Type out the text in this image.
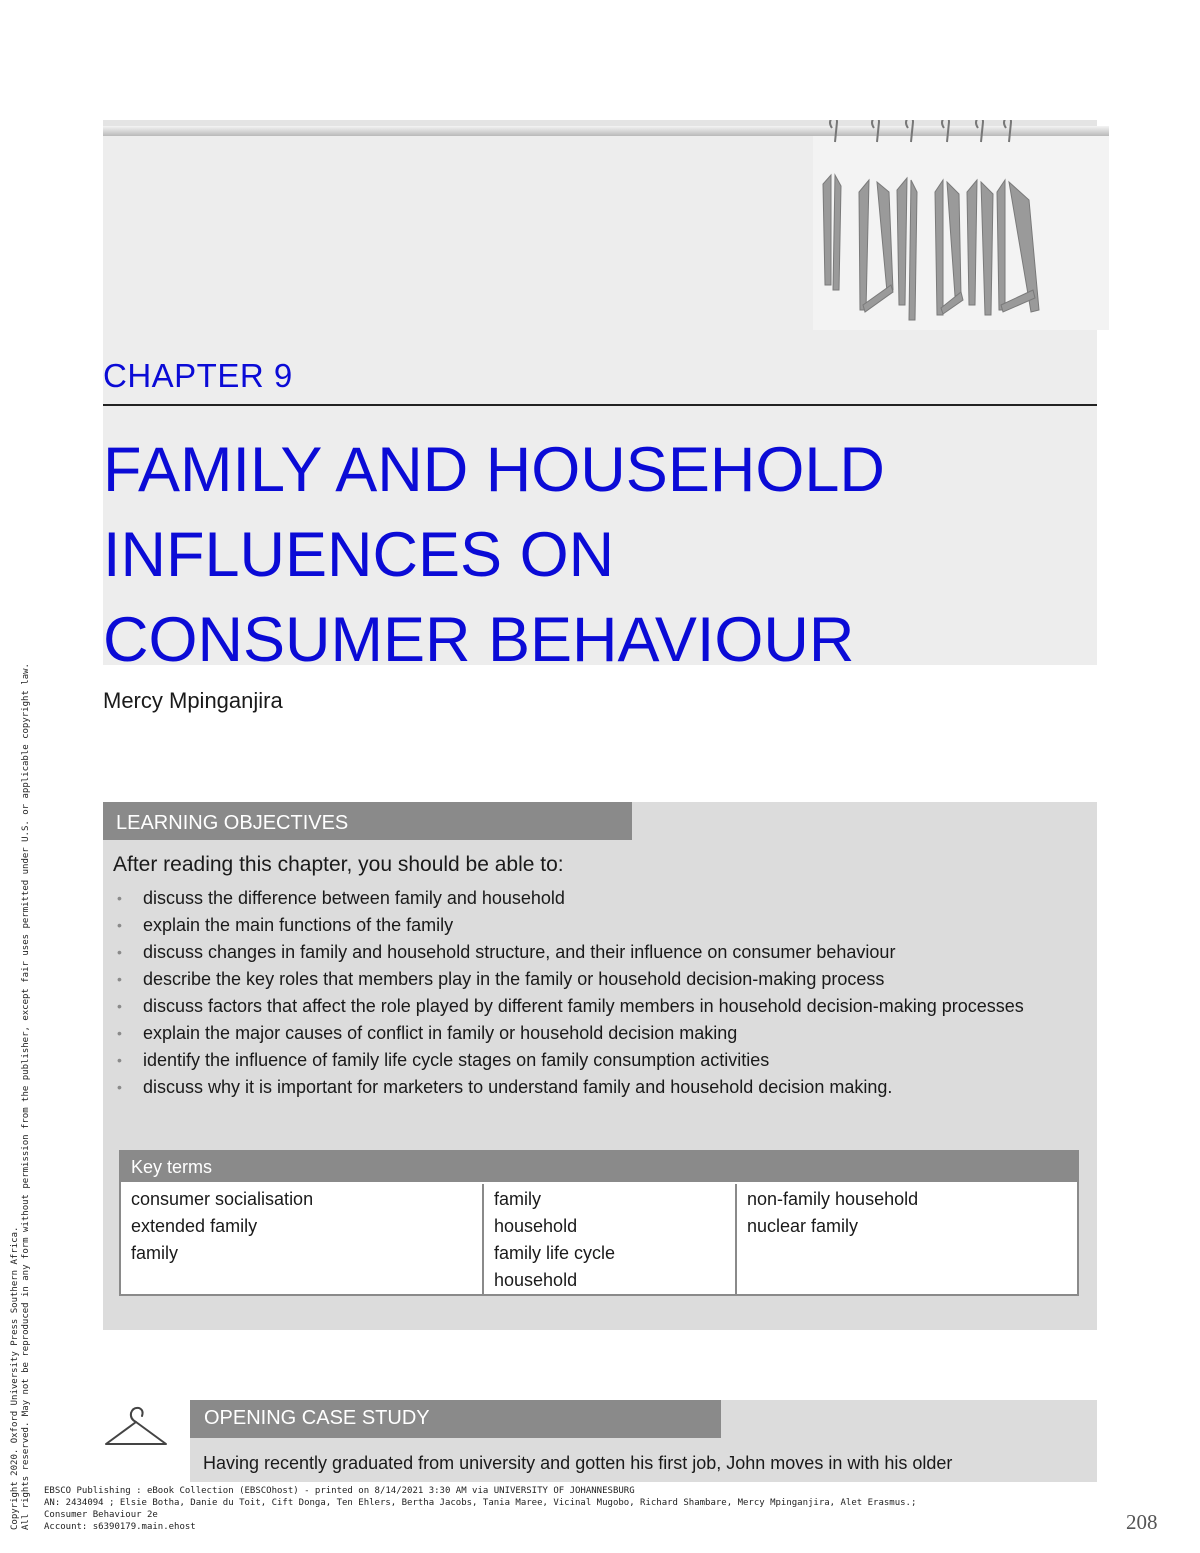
CHAPTER 9
FAMILY AND HOUSEHOLD
INFLUENCES ON
CONSUMER BEHAVIOUR
Mercy Mpinganjira
LEARNING OBJECTIVES
After reading this chapter, you should be able to:
• discuss the difference between family and household
• explain the main functions of the family
• discuss changes in family and household structure, and their influence on consumer behaviour
• describe the key roles that members play in the family or household decision-making process
• discuss factors that affect the role played by different family members in household decision-making processes
• explain the major causes of conflict in family or household decision making
• identify the influence of family life cycle stages on family consumption activities
• discuss why it is important for marketers to understand family and household decision making.
Key terms
consumer socialisation
extended family
family
family
household
family life cycle
household
non-family household
nuclear family
OPENING CASE STUDY
Having recently graduated from university and gotten his first job, John moves in with his older
Copyright 2020. Oxford University Press Southern Africa. All rights reserved. May not be reproduced in any form without permission from the publisher, except fair uses permitted under U.S. or applicable copyright law. EBSCO Publishing : eBook Collection (EBSCOhost) - printed on 8/14/2021 3:30 AM via UNIVERSITY OF JOHANNESBURG
AN: 2434094 ; Elsie Botha, Danie du Toit, Cift Donga, Ten Ehlers, Bertha Jacobs, Tania Maree, Vicinal Mugobo, Richard Shambare, Mercy Mpinganjira, Alet Erasmus.;
Consumer Behaviour 2e
Account: s6390179.main.ehost	208
